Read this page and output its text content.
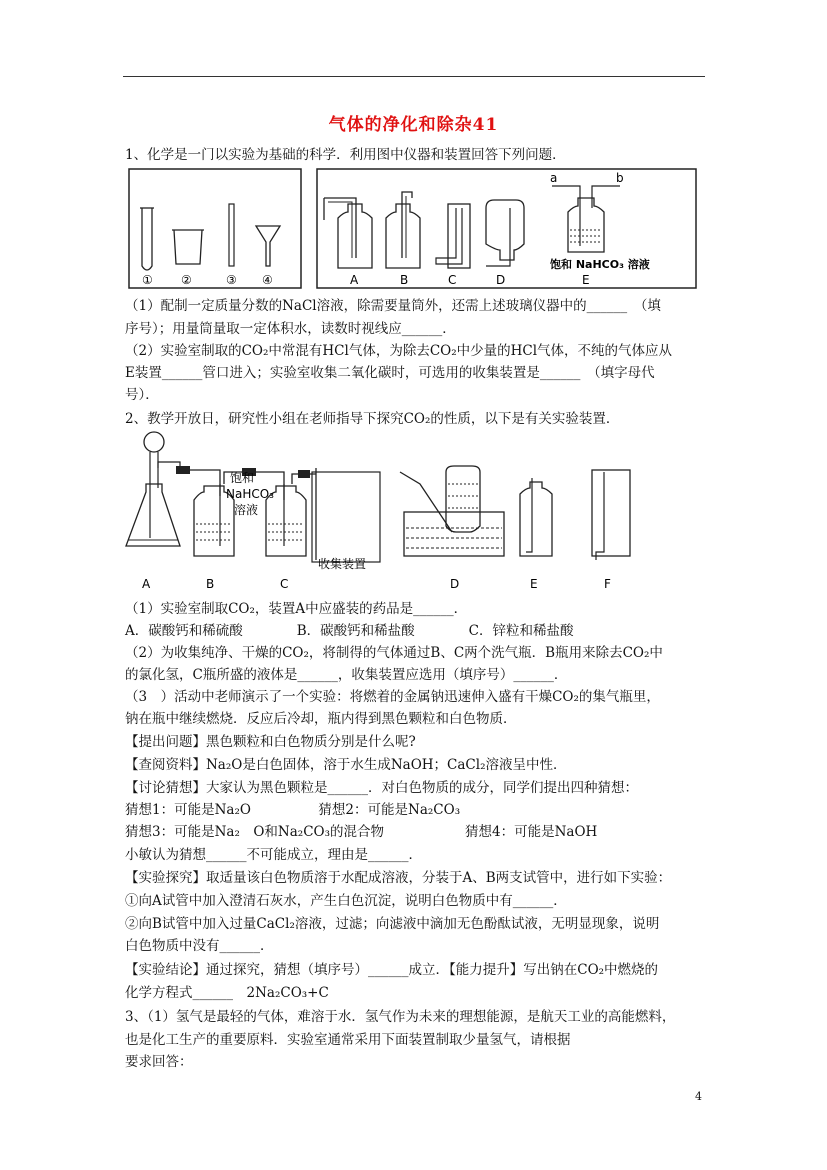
气体的净化和除杂41
1、化学是一门以实验为基础的科学．利用图中仪器和装置回答下列问题．
① ②	③ ④
a	b
饱和 NaHCO₃ 溶液
A	B	C	D	E
（1）配制一定质量分数的NaCl溶液，除需要量筒外，还需上述玻璃仪器中的______　（填
序号）；用量筒量取一定体积水，读数时视线应______．
（2）实验室制取的CO₂中常混有HCl气体，为除去CO₂中少量的HCl气体，不纯的气体应从
E装置______管口进入；实验室收集二氧化碳时，可选用的收集装置是______　（填字母代
号）．
2、教学开放日，研究性小组在老师指导下探究CO₂的性质，以下是有关实验装置．
饱和
NaHCO₃
溶液
收集装置
A	B	C	D	E	F
（1）实验室制取CO₂，装置A中应盛装的药品是______．
A．碳酸钙和稀硫酸　　　　B．碳酸钙和稀盐酸　　　　C．锌粒和稀盐酸
（2）为收集纯净、干燥的CO₂，将制得的气体通过B、C两个洗气瓶．B瓶用来除去CO₂中
的氯化氢，C瓶所盛的液体是______，收集装置应选用（填序号）______．
（3　）活动中老师演示了一个实验：将燃着的金属钠迅速伸入盛有干燥CO₂的集气瓶里，
钠在瓶中继续燃烧．反应后冷却，瓶内得到黑色颗粒和白色物质．
【提出问题】黑色颗粒和白色物质分别是什么呢?
【查阅资料】Na₂O是白色固体，溶于水生成NaOH；CaCl₂溶液呈中性．
【讨论猜想】大家认为黑色颗粒是______．对白色物质的成分，同学们提出四种猜想：
猜想1：可能是Na₂O　　　　　猜想2：可能是Na₂CO₃
猜想3：可能是Na₂　O和Na₂CO₃的混合物　　　　　　猜想4：可能是NaOH
小敏认为猜想______不可能成立，理由是______．
【实验探究】取适量该白色物质溶于水配成溶液，分装于A、B两支试管中，进行如下实验：
①向A试管中加入澄清石灰水，产生白色沉淀，说明白色物质中有______．
②向B试管中加入过量CaCl₂溶液，过滤；向滤液中滴加无色酚酞试液，无明显现象，说明
白色物质中没有______．
【实验结论】通过探究，猜想（填序号）______成立．【能力提升】写出钠在CO₂中燃烧的
化学方程式______　2Na₂CO₃+C
3、（1）氢气是最轻的气体，难溶于水．氢气作为未来的理想能源，是航天工业的高能燃料，
也是化工生产的重要原料．实验室通常采用下面装置制取少量氢气，请根据
要求回答：
4
